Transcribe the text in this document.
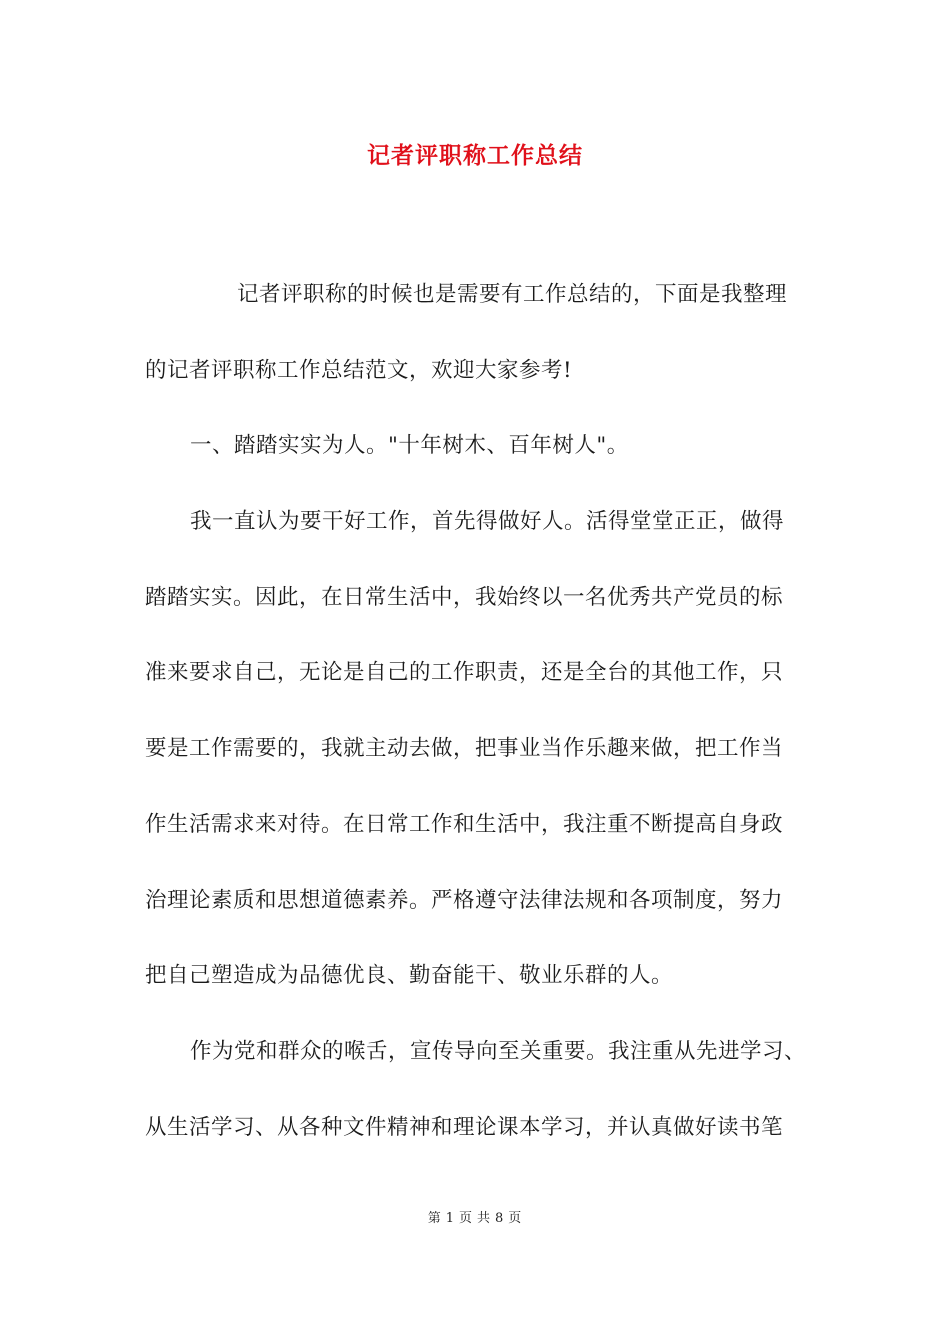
记者评职称工作总结
记者评职称的时候也是需要有工作总结的，下面是我整理
的记者评职称工作总结范文，欢迎大家参考!
一、踏踏实实为人。"十年树木、百年树人"。
我一直认为要干好工作，首先得做好人。活得堂堂正正，做得
踏踏实实。因此，在日常生活中，我始终以一名优秀共产党员的标
准来要求自己，无论是自己的工作职责，还是全台的其他工作，只
要是工作需要的，我就主动去做，把事业当作乐趣来做，把工作当
作生活需求来对待。在日常工作和生活中，我注重不断提高自身政
治理论素质和思想道德素养。严格遵守法律法规和各项制度，努力
把自己塑造成为品德优良、勤奋能干、敬业乐群的人。
作为党和群众的喉舌，宣传导向至关重要。我注重从先进学习、
从生活学习、从各种文件精神和理论课本学习，并认真做好读书笔
第 1 页 共 8 页
